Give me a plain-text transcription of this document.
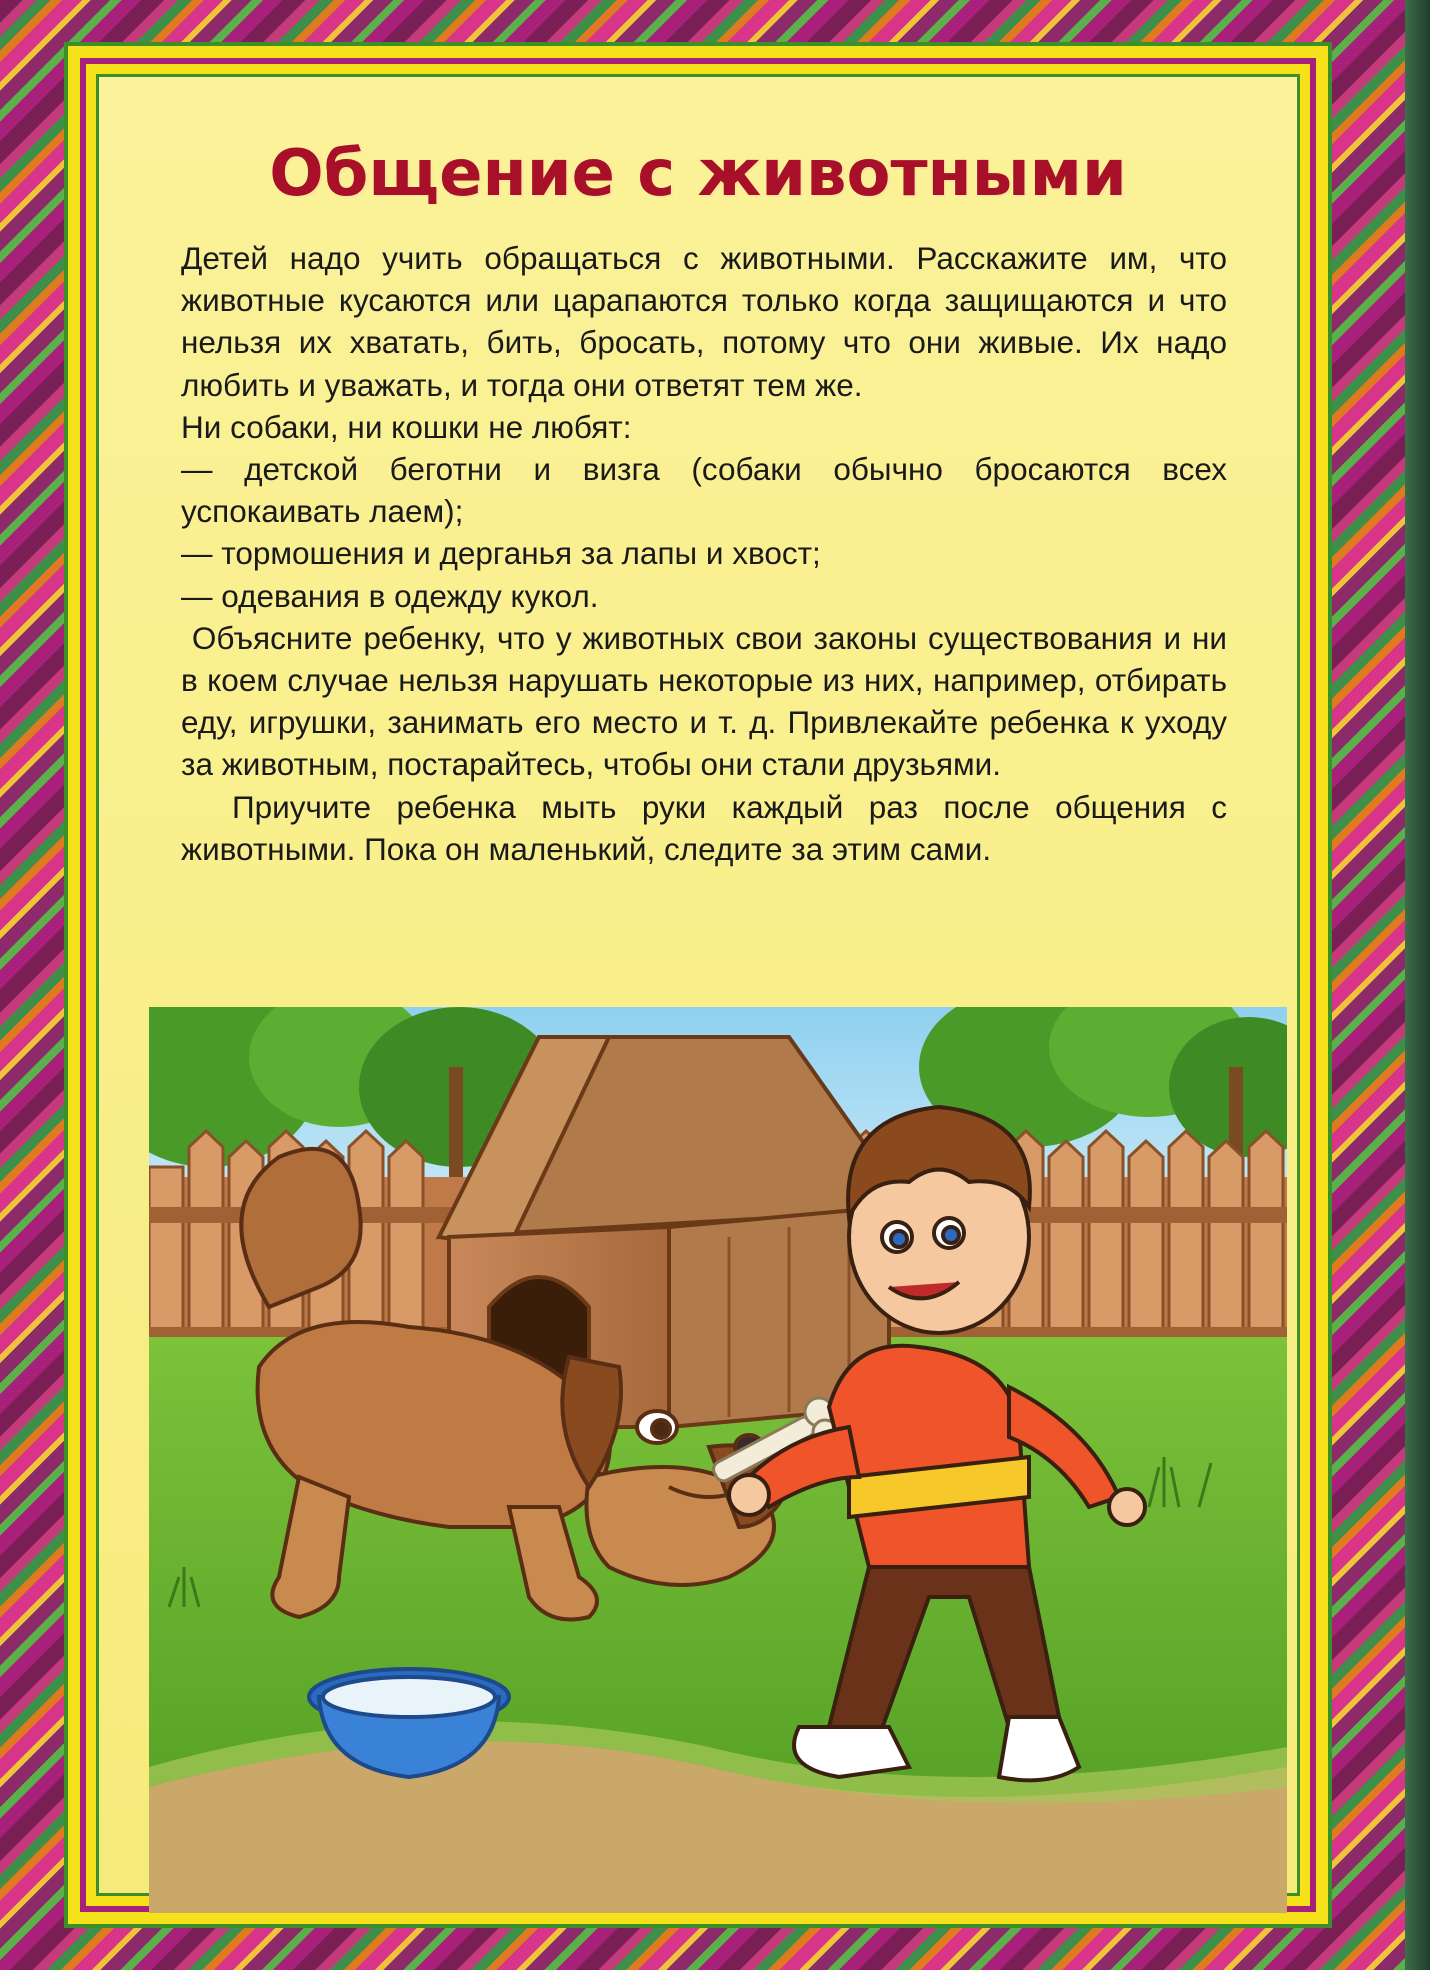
Общение с животными

Детей надо учить обращаться с животными. Расскажите им, что животные кусаются или царапаются только когда защищаются и что нельзя их хватать, бить, бросать, потому что они живые. Их надо любить и уважать, и тогда они ответят тем же.

Ни собаки, ни кошки не любят:

— детской беготни и визга (собаки обычно бросаются всех успокаивать лаем);

— тормошения и дерганья за лапы и хвост;

— одевания в одежду кукол.

Объясните ребенку, что у животных свои законы существования и ни в коем случае нельзя нарушать некоторые из них, например, отбирать еду, игрушки, занимать его место и т. д. Привлекайте ребенка к уходу за животным, постарайтесь, чтобы они стали друзьями.

Приучите ребенка мыть руки каждый раз после общения с животными. Пока он маленький, следите за этим сами.
